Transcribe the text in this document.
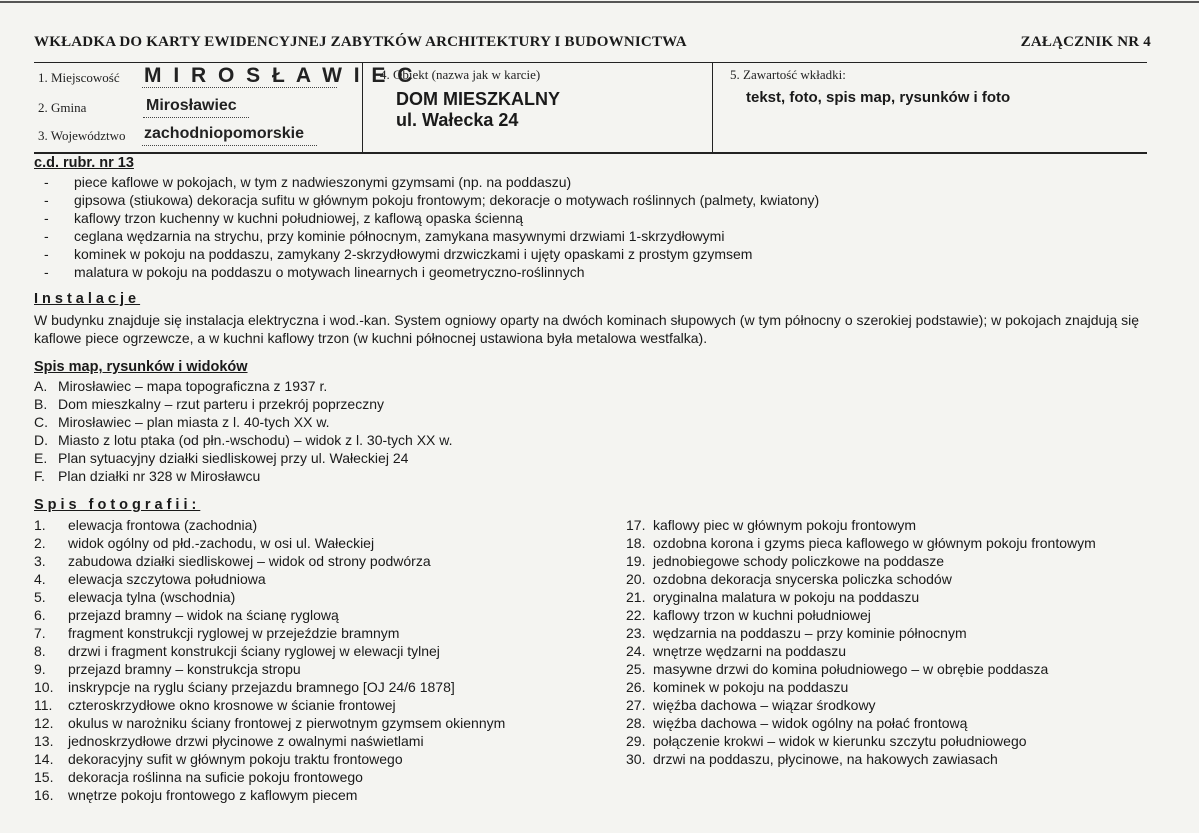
WKŁADKA DO KARTY EWIDENCYJNEJ ZABYTKÓW ARCHITEKTURY I BUDOWNICTWA	ZAŁĄCZNIK NR 4
1. Miejscowość M I R O S Ł A W I E C
2. Gmina	Mirosławiec
3. Województwo zachodniopomorskie
4. Obiekt (nazwa jak w karcie)
DOM MIESZKALNY
ul. Wałecka 24
5. Zawartość wkładki:
tekst, foto, spis map, rysunków i foto
c.d. rubr. nr 13
- piece kaflowe w pokojach, w tym z nadwieszonymi gzymsami (np. na poddaszu)
- gipsowa (stiukowa) dekoracja sufitu w głównym pokoju frontowym; dekoracje o motywach roślinnych (palmety, kwiatony)
- kaflowy trzon kuchenny w kuchni południowej, z kaflową opaska ścienną
- ceglana wędzarnia na strychu, przy kominie północnym, zamykana masywnymi drzwiami 1-skrzydłowymi
- kominek w pokoju na poddaszu, zamykany 2-skrzydłowymi drzwiczkami i ujęty opaskami z prostym gzymsem
- malatura w pokoju na poddaszu o motywach linearnych i geometryczno-roślinnych
Instalacje
W budynku znajduje się instalacja elektryczna i wod.-kan. System ogniowy oparty na dwóch kominach słupowych (w tym północny o szerokiej podstawie); w pokojach znajdują się kaflowe piece ogrzewcze, a w kuchni kaflowy trzon (w kuchni północnej ustawiona była metalowa westfalka).
Spis map, rysunków i widoków
A. Mirosławiec – mapa topograficzna z 1937 r.
B. Dom mieszkalny – rzut parteru i przekrój poprzeczny
C. Mirosławiec – plan miasta z l. 40-tych XX w.
D. Miasto z lotu ptaka (od płn.-wschodu) – widok z l. 30-tych XX w.
E. Plan sytuacyjny działki siedliskowej przy ul. Wałeckiej 24
F. Plan działki nr 328 w Mirosławcu
Spis fotografii:
1. elewacja frontowa (zachodnia)
2. widok ogólny od płd.-zachodu, w osi ul. Wałeckiej
3. zabudowa działki siedliskowej – widok od strony podwórza
4. elewacja szczytowa południowa
5. elewacja tylna (wschodnia)
6. przejazd bramny – widok na ścianę ryglową
7. fragment konstrukcji ryglowej w przejeździe bramnym
8. drzwi i fragment konstrukcji ściany ryglowej w elewacji tylnej
9. przejazd bramny – konstrukcja stropu
10. inskrypcje na ryglu ściany przejazdu bramnego [OJ 24/6 1878]
11. czteroskrzydłowe okno krosnowe w ścianie frontowej
12. okulus w narożniku ściany frontowej z pierwotnym gzymsem okiennym
13. jednoskrzydłowe drzwi płycinowe z owalnymi naświetlami
14. dekoracyjny sufit w głównym pokoju traktu frontowego
15. dekoracja roślinna na suficie pokoju frontowego
16. wnętrze pokoju frontowego z kaflowym piecem
17. kaflowy piec w głównym pokoju frontowym
18. ozdobna korona i gzyms pieca kaflowego w głównym pokoju frontowym
19. jednobiegowe schody policzkowe na poddasze
20. ozdobna dekoracja snycerska policzka schodów
21. oryginalna malatura w pokoju na poddaszu
22. kaflowy trzon w kuchni południowej
23. wędzarnia na poddaszu – przy kominie północnym
24. wnętrze wędzarni na poddaszu
25. masywne drzwi do komina południowego – w obrębie poddasza
26. kominek w pokoju na poddaszu
27. więźba dachowa – wiązar środkowy
28. więźba dachowa – widok ogólny na połać frontową
29. połączenie krokwi – widok w kierunku szczytu południowego
30. drzwi na poddaszu, płycinowe, na hakowych zawiasach
